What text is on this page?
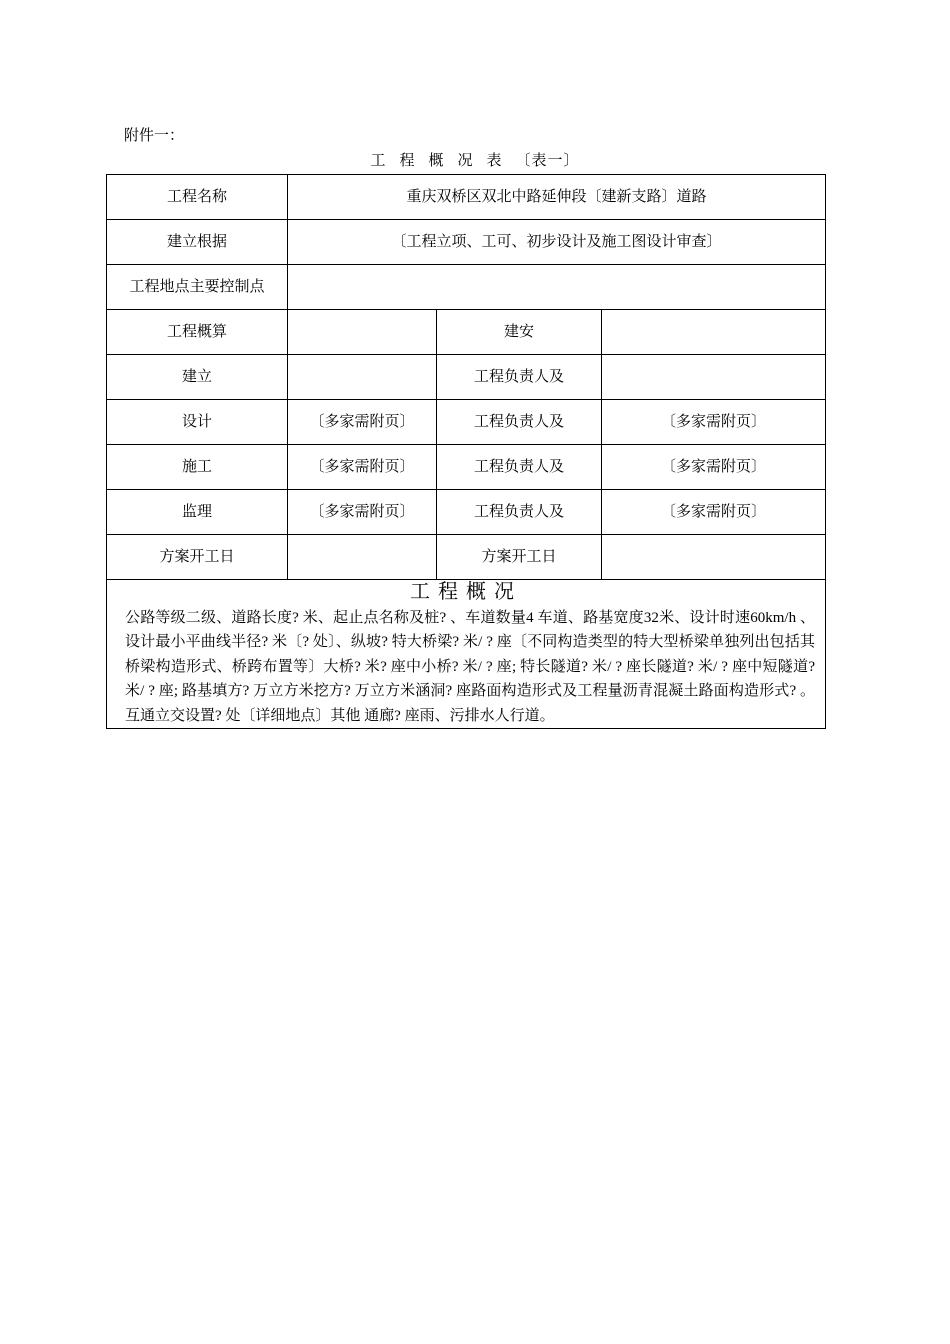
附件一：
工程概况表〔表一〕
工程名称	重庆双桥区双北中路延伸段〔建新支路〕道路		
建立根据	〔工程立项、工可、初步设计及施工图设计审查〕		
工程地点主要控制点			
工程概算		建安	
建立		工程负责人及	
设计	〔多家需附页〕	工程负责人及	〔多家需附页〕
施工	〔多家需附页〕	工程负责人及	〔多家需附页〕
监理	〔多家需附页〕	工程负责人及	〔多家需附页〕
方案开工日		方案开工日	

工程概况
公路等级二级、道路长度? 米、起止点名称及桩? 、车道数量4 车道、路基宽度32米、设计时速60km/h 、设计最小平曲线半径? 米〔? 处〕、纵坡? 特大桥梁? 米/ ? 座〔不同构造类型的特大型桥梁单独列出包括其桥梁构造形式、桥跨布置等〕大桥? 米? 座中小桥? 米/ ? 座; 特长隧道? 米/ ? 座长隧道? 米/ ? 座中短隧道? 米/ ? 座; 路基填方? 万立方米挖方? 万立方米涵洞? 座路面构造形式及工程量沥青混凝土路面构造形式? 。互通立交设置? 处〔详细地点〕其他 通廊? 座雨、污排水人行道。			
